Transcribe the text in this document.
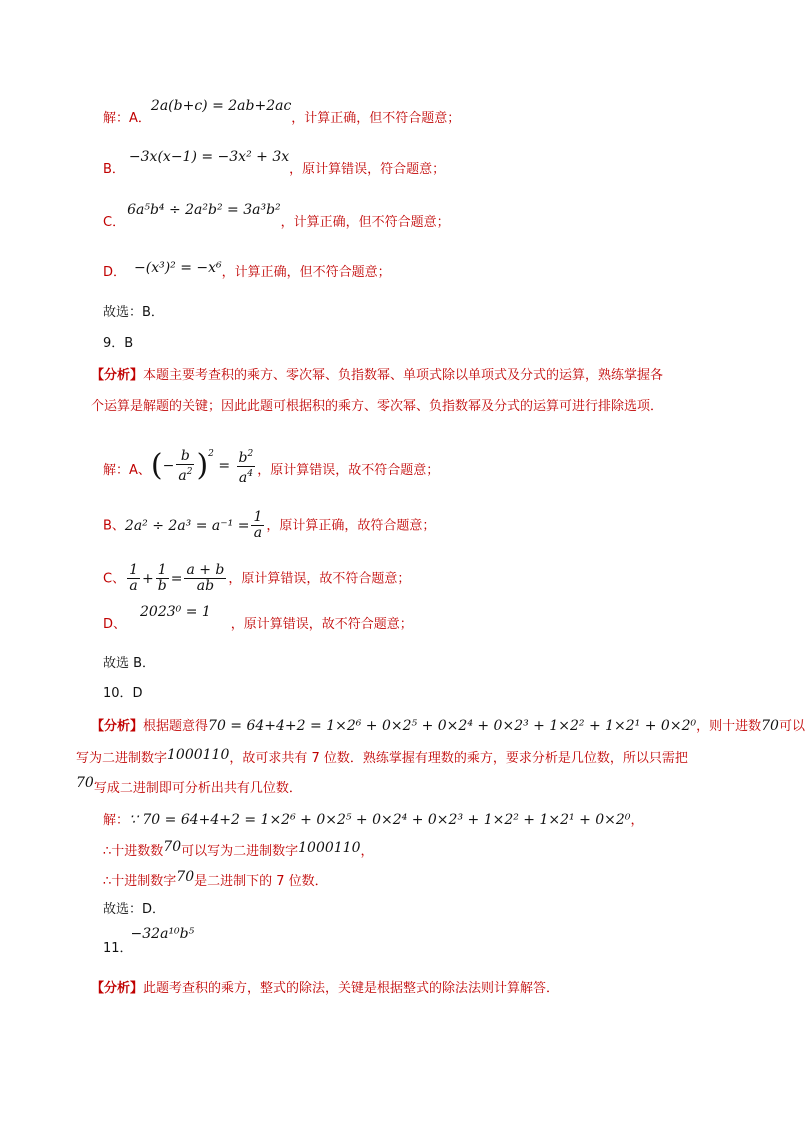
解：A．2a(b+c) = 2ab+2ac，计算正确，但不符合题意；
B．−3x(x−1) = −3x² + 3x，原计算错误，符合题意；
C．6a⁵b⁴ ÷ 2a²b² = 3a³b²，计算正确，但不符合题意；
D． −(x³)² = −x⁶，计算正确，但不符合题意；
故选：B．
9．B
【分析】本题主要考查积的乘方、零次幂、负指数幂、单项式除以单项式及分式的运算，熟练掌握各
个运算是解题的关键；因此此题可根据积的乘方、零次幂、负指数幂及分式的运算可进行排除选项．
解：A、(− $\frac{b}{a^2} )^2 = \frac{b^2}{a^4}$ ，原计算错误，故不符合题意；
B、$2a^2 \div 2a^3 = a^{-1} = \frac{1}{a}$ ，原计算正确，故符合题意；
C、 $\frac{1}{a} + \frac{1}{b} = \frac{a + b}{ab}$ ，原计算错误，故不符合题意；
D、2023⁰ = 1，原计算错误，故不符合题意；
故选 B．
10．D
【分析】根据题意得70 = 64+4+2 = 1×2⁶ + 0×2⁵ + 0×2⁴ + 0×2³ + 1×2² + 1×2¹ + 0×2⁰，则十进数70可以
写为二进制数字1000110，故可求共有 7 位数．熟练掌握有理数的乘方，要求分析是几位数，所以只需把
70写成二进制即可分析出共有几位数．
解：∵ 70 = 64+4+2 = 1×2⁶ + 0×2⁵ + 0×2⁴ + 0×2³ + 1×2² + 1×2¹ + 0×2⁰，
∴十进数数70可以写为二进制数字1000110，
∴十进制数字70是二进制下的 7 位数．
故选：D．
11．−32a¹⁰b⁵
【分析】此题考查积的乘方，整式的除法，关键是根据整式的除法法则计算解答．
